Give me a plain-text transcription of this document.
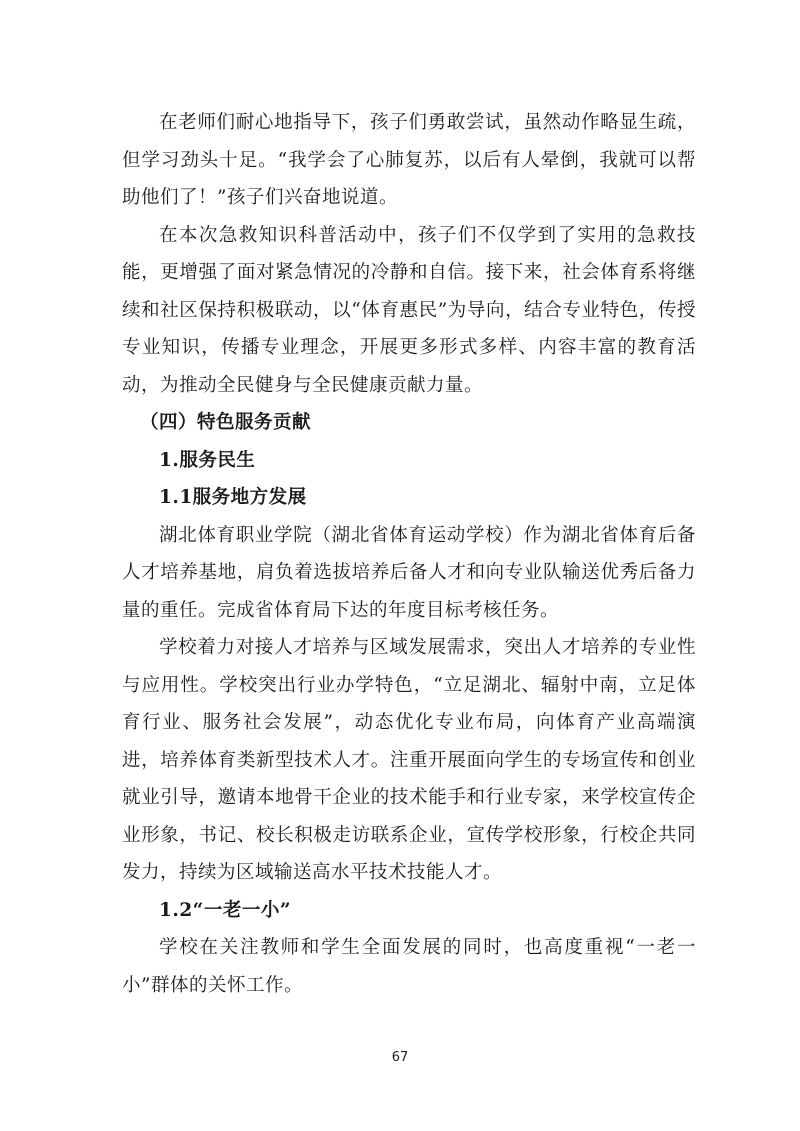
在老师们耐心地指导下，孩子们勇敢尝试，虽然动作略显生疏，但学习劲头十足。“我学会了心肺复苏，以后有人晕倒，我就可以帮助他们了！”孩子们兴奋地说道。

在本次急救知识科普活动中，孩子们不仅学到了实用的急救技能，更增强了面对紧急情况的冷静和自信。接下来，社会体育系将继续和社区保持积极联动，以“体育惠民”为导向，结合专业特色，传授专业知识，传播专业理念，开展更多形式多样、内容丰富的教育活动，为推动全民健身与全民健康贡献力量。

（四）特色服务贡献

1.服务民生

1.1服务地方发展

湖北体育职业学院（湖北省体育运动学校）作为湖北省体育后备人才培养基地，肩负着选拔培养后备人才和向专业队输送优秀后备力量的重任。完成省体育局下达的年度目标考核任务。

学校着力对接人才培养与区域发展需求，突出人才培养的专业性与应用性。学校突出行业办学特色，“立足湖北、辐射中南，立足体育行业、服务社会发展”，动态优化专业布局，向体育产业高端演进，培养体育类新型技术人才。注重开展面向学生的专场宣传和创业就业引导，邀请本地骨干企业的技术能手和行业专家，来学校宣传企业形象，书记、校长积极走访联系企业，宣传学校形象，行校企共同发力，持续为区域输送高水平技术技能人才。

1.2“一老一小”

学校在关注教师和学生全面发展的同时，也高度重视“一老一小”群体的关怀工作。

67
